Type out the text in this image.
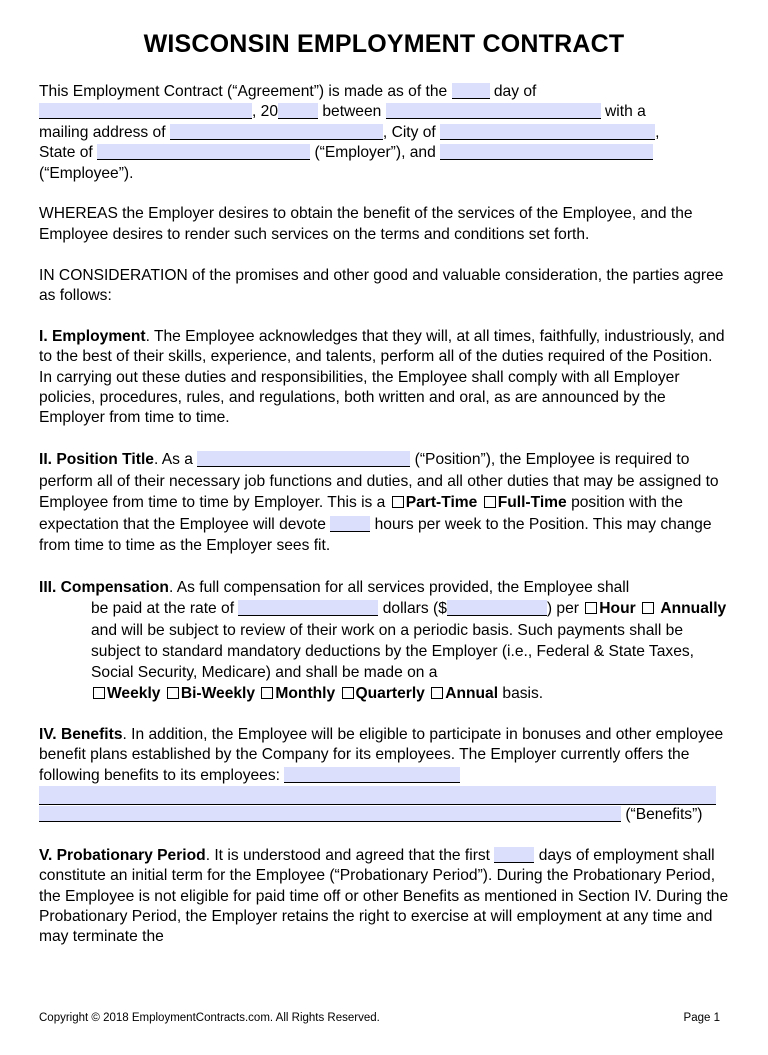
WISCONSIN EMPLOYMENT CONTRACT

This Employment Contract (“Agreement”) is made as of the	day of
, 20	between	with a
mailing address of	, City of	,
State of	(“Employer”), and
(“Employee”).

WHEREAS the Employer desires to obtain the benefit of the services of the Employee, and the Employee desires to render such services on the terms and conditions set forth.

IN CONSIDERATION of the promises and other good and valuable consideration, the parties agree as follows:

I. Employment. The Employee acknowledges that they will, at all times, faithfully, industriously, and to the best of their skills, experience, and talents, perform all of the duties required of the Position. In carrying out these duties and responsibilities, the Employee shall comply with all Employer policies, procedures, rules, and regulations, both written and oral, as are announced by the Employer from time to time.

II. Position Title. As a	(“Position”), the Employee is required to perform all of their necessary job functions and duties, and all other duties that may be assigned to Employee from time to time by Employer. This is a Part-Time Full-Time position with the expectation that the Employee will devote	hours per week to the Position. This may change from time to time as the Employer sees fit.

III. Compensation. As full compensation for all services provided, the Employee shall

be paid at the rate of	dollars ($	) per Hour Annually and will be subject to review of their work on a periodic basis. Such payments shall be subject to standard mandatory deductions by the Employer (i.e., Federal & State Taxes, Social Security, Medicare) and shall be made on a
Weekly Bi-Weekly Monthly Quarterly Annual basis.

IV. Benefits. In addition, the Employee will be eligible to participate in bonuses and other employee benefit plans established by the Company for its employees. The Employer currently offers the following benefits to its employees:

(“Benefits”)

V. Probationary Period. It is understood and agreed that the first	days of employment shall constitute an initial term for the Employee (“Probationary Period”). During the Probationary Period, the Employee is not eligible for paid time off or other Benefits as mentioned in Section IV. During the Probationary Period, the Employer retains the right to exercise at will employment at any time and may terminate the

Copyright © 2018 EmploymentContracts.com. All Rights Reserved.	Page 1
